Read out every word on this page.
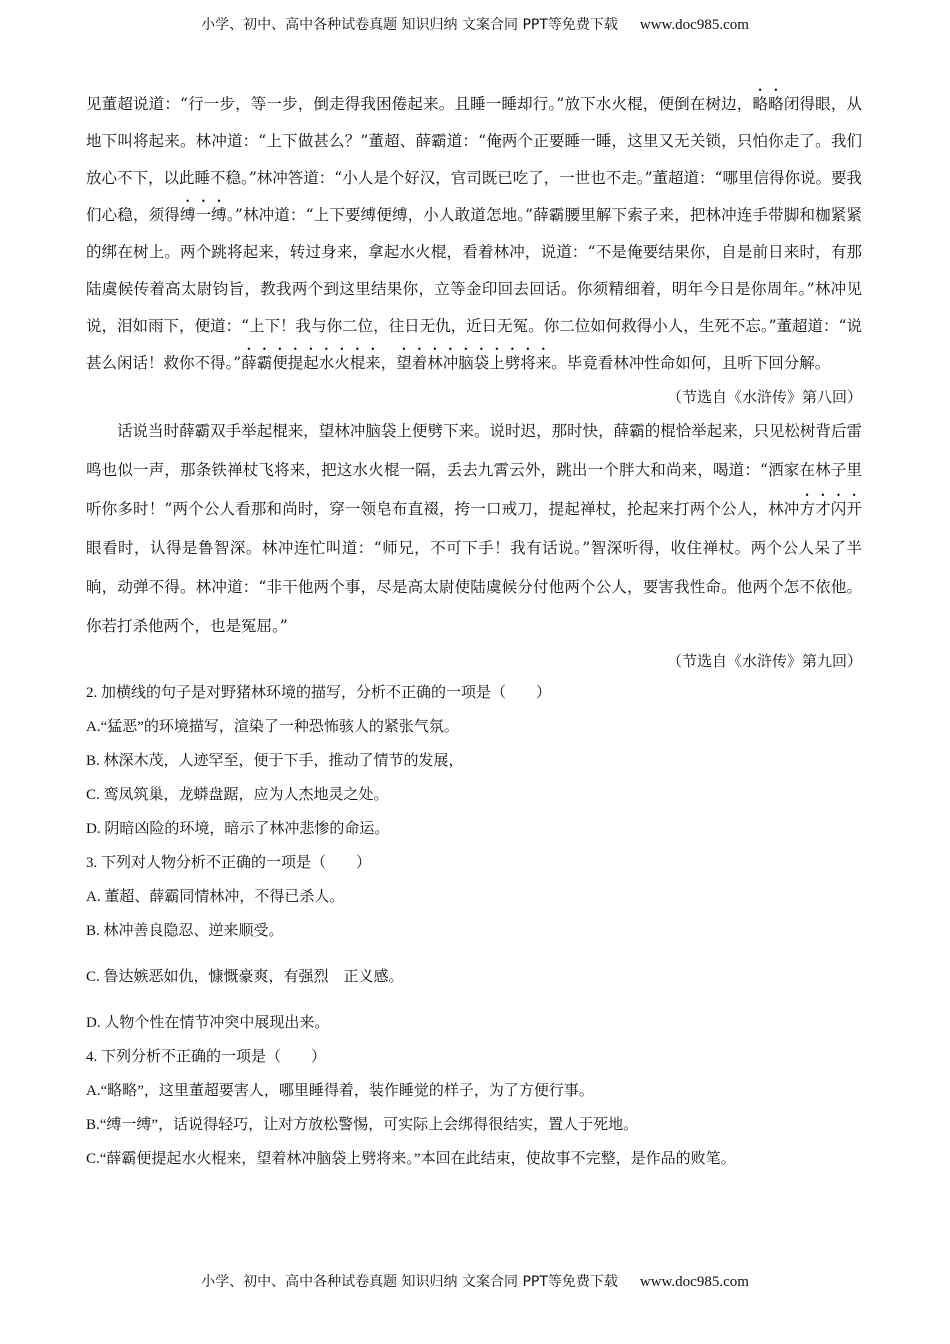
小学、初中、高中各种试卷真题 知识归纳 文案合同 PPT等免费下载 www.doc985.com

见董超说道：“行一步，等一步，倒走得我困倦起来。且睡一睡却行。”放下水火棍，便倒在树边，略略闭得眼，从地下叫将起来。林冲道：“上下做甚么？”董超、薛霸道：“俺两个正要睡一睡，这里又无关锁，只怕你走了。我们放心不下，以此睡不稳。”林冲答道：“小人是个好汉，官司既已吃了，一世也不走。”董超道：“哪里信得你说。要我们心稳，须得缚一缚。”林冲道：“上下要缚便缚，小人敢道怎地。”薛霸腰里解下索子来，把林冲连手带脚和枷紧紧的绑在树上。两个跳将起来，转过身来，拿起水火棍，看着林冲，说道：“不是俺要结果你，自是前日来时，有那陆虞候传着高太尉钧旨，教我两个到这里结果你，立等金印回去回话。你须精细着，明年今日是你周年。”林冲见说，泪如雨下，便道：“上下！我与你二位，往日无仇，近日无冤。你二位如何救得小人，生死不忘。”董超道：“说甚么闲话！救你不得。”薛霸便提起水火棍来，望着林冲脑袋上劈将来。毕竟看林冲性命如何，且听下回分解。

（节选自《水浒传》第八回）

话说当时薛霸双手举起棍来，望林冲脑袋上便劈下来。说时迟，那时快，薛霸的棍恰举起来，只见松树背后雷鸣也似一声，那条铁禅杖飞将来，把这水火棍一隔，丢去九霄云外，跳出一个胖大和尚来，喝道：“洒家在林子里听你多时！”两个公人看那和尚时，穿一领皂布直裰，挎一口戒刀，提起禅杖，抡起来打两个公人，林冲方才闪开眼看时，认得是鲁智深。林冲连忙叫道：“师兄，不可下手！我有话说。”智深听得，收住禅杖。两个公人呆了半晌，动弹不得。林冲道：“非干他两个事，尽是高太尉使陆虞候分付他两个公人，要害我性命。他两个怎不依他。你若打杀他两个，也是冤屈。”

（节选自《水浒传》第九回）

2. 加横线的句子是对野猪林环境的描写，分析不正确的一项是（　　）

A.“猛恶”的环境描写，渲染了一种恐怖骇人的紧张气氛。

B. 林深木茂，人迹罕至，便于下手，推动了情节的发展，

C. 鸾凤筑巢，龙蟒盘踞，应为人杰地灵之处。

D. 阴暗凶险的环境，暗示了林冲悲惨的命运。

3. 下列对人物分析不正确的一项是（　　）

A. 董超、薛霸同情林冲，不得已杀人。

B. 林冲善良隐忍、逆来顺受。

C. 鲁达嫉恶如仇，慷慨豪爽，有强烈　正义感。

D. 人物个性在情节冲突中展现出来。

4. 下列分析不正确的一项是（　　）

A.“略略”，这里董超要害人，哪里睡得着，装作睡觉的样子，为了方便行事。

B.“缚一缚”，话说得轻巧，让对方放松警惕，可实际上会绑得很结实，置人于死地。

C.“薛霸便提起水火棍来，望着林冲脑袋上劈将来。”本回在此结束，使故事不完整，是作品的败笔。

小学、初中、高中各种试卷真题 知识归纳 文案合同 PPT等免费下载 www.doc985.com
